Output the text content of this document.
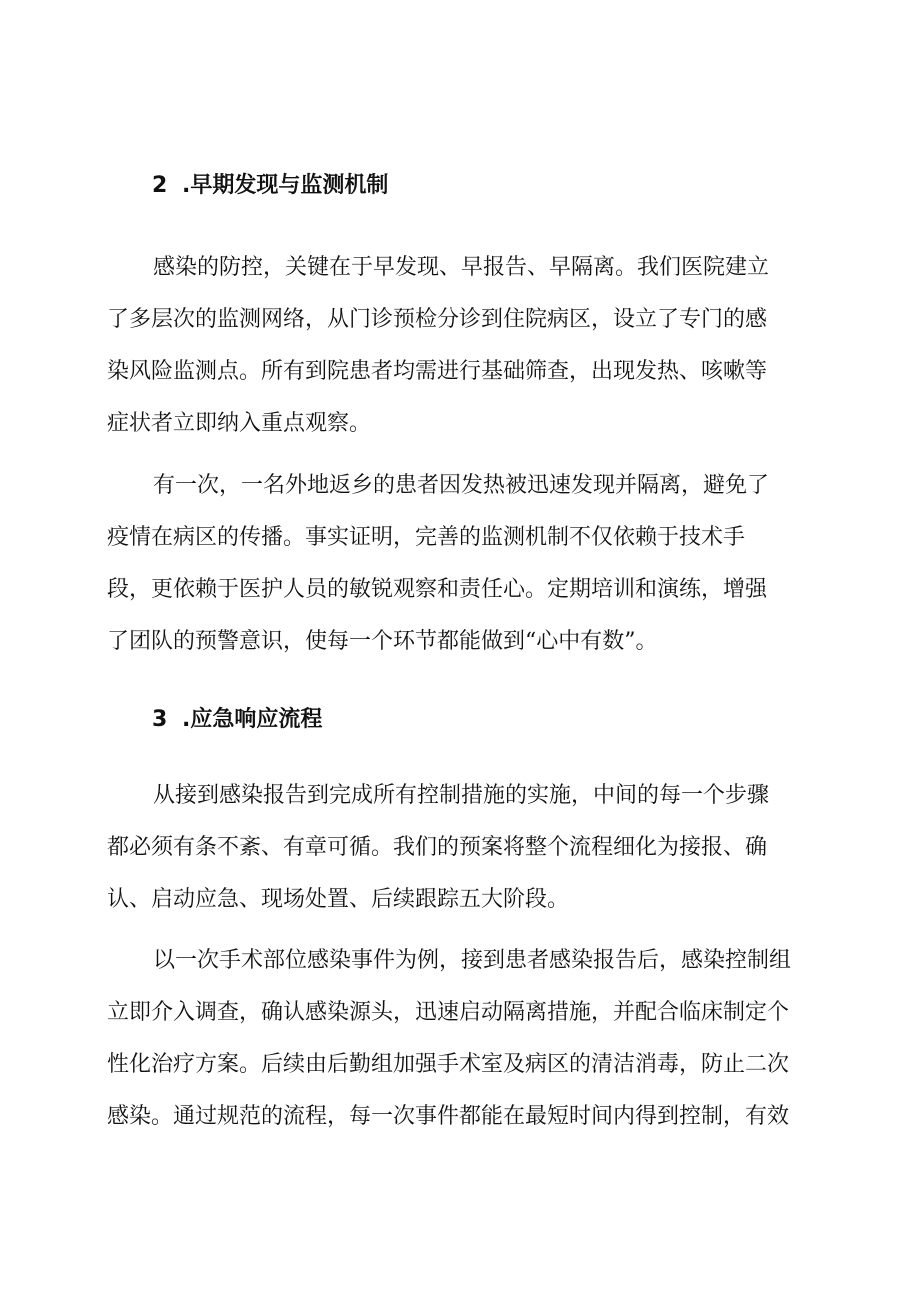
2 .早期发现与监测机制
感染的防控，关键在于早发现、早报告、早隔离。我们医院建立
了多层次的监测网络，从门诊预检分诊到住院病区，设立了专门的感
染风险监测点。所有到院患者均需进行基础筛查，出现发热、咳嗽等
症状者立即纳入重点观察。
有一次，一名外地返乡的患者因发热被迅速发现并隔离，避免了
疫情在病区的传播。事实证明，完善的监测机制不仅依赖于技术手
段，更依赖于医护人员的敏锐观察和责任心。定期培训和演练，增强
了团队的预警意识，使每一个环节都能做到“心中有数”。
3 .应急响应流程
从接到感染报告到完成所有控制措施的实施，中间的每一个步骤
都必须有条不紊、有章可循。我们的预案将整个流程细化为接报、确
认、启动应急、现场处置、后续跟踪五大阶段。
以一次手术部位感染事件为例，接到患者感染报告后，感染控制组
立即介入调查，确认感染源头，迅速启动隔离措施，并配合临床制定个
性化治疗方案。后续由后勤组加强手术室及病区的清洁消毒，防止二次
感染。通过规范的流程，每一次事件都能在最短时间内得到控制，有效
